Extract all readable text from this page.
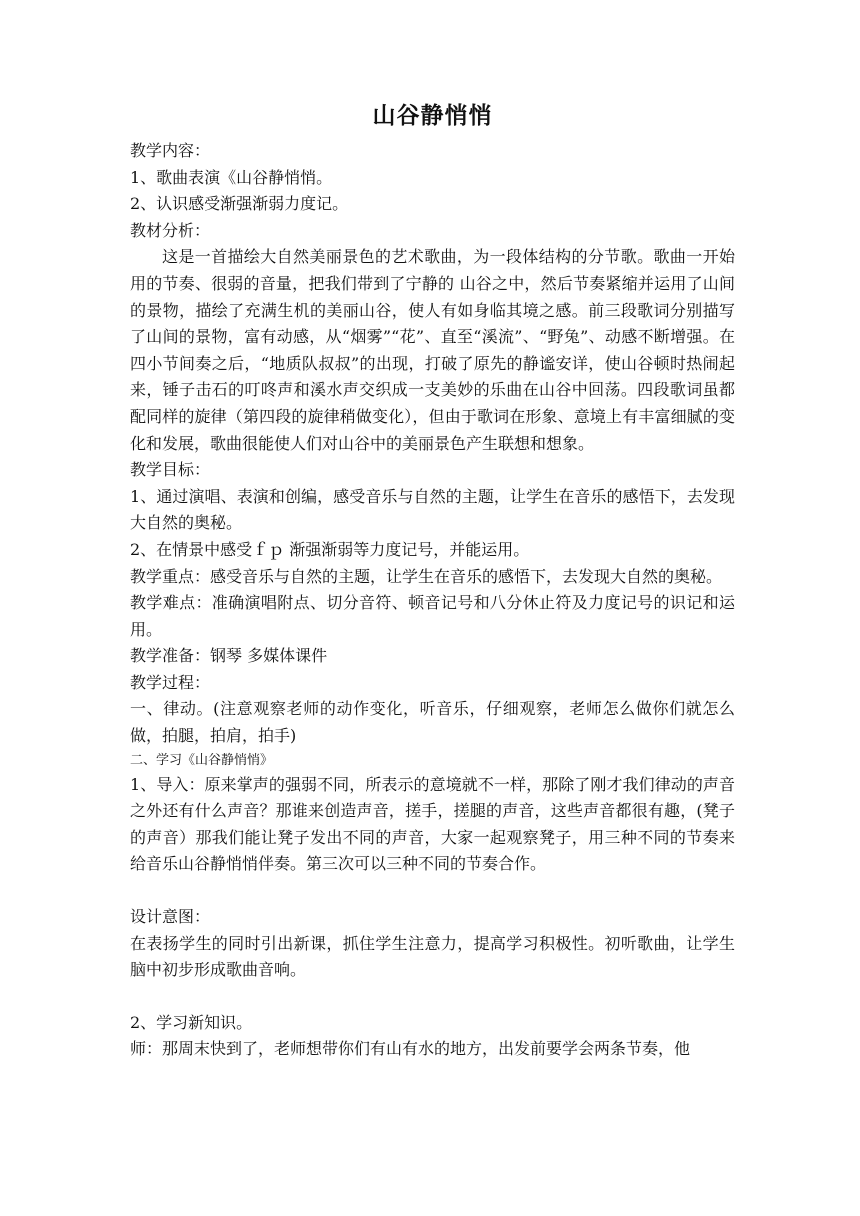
山谷静悄悄

教学内容：

1、歌曲表演《山谷静悄悄。

2、认识感受渐强渐弱力度记。

教材分析：

这是一首描绘大自然美丽景色的艺术歌曲，为一段体结构的分节歌。歌曲一开始用的节奏、很弱的音量，把我们带到了宁静的 山谷之中，然后节奏紧缩并运用了山间的景物，描绘了充满生机的美丽山谷，使人有如身临其境之感。前三段歌词分别描写了山间的景物，富有动感，从“烟雾”“花”、直至“溪流”、“野兔”、动感不断增强。在四小节间奏之后，“地质队叔叔”的出现，打破了原先的静谧安详，使山谷顿时热闹起来，锤子击石的叮咚声和溪水声交织成一支美妙的乐曲在山谷中回荡。四段歌词虽都配同样的旋律（第四段的旋律稍做变化），但由于歌词在形象、意境上有丰富细腻的变化和发展，歌曲很能使人们对山谷中的美丽景色产生联想和想象。

教学目标：

1、通过演唱、表演和创编，感受音乐与自然的主题，让学生在音乐的感悟下，去发现大自然的奥秘。

2、在情景中感受ｆｐ 渐强渐弱等力度记号，并能运用。

教学重点：感受音乐与自然的主题，让学生在音乐的感悟下，去发现大自然的奥秘。

教学难点：准确演唱附点、切分音符、顿音记号和八分休止符及力度记号的识记和运用。

教学准备：钢琴 多媒体课件

教学过程：

一、律动。(注意观察老师的动作变化，听音乐，仔细观察，老师怎么做你们就怎么做，拍腿，拍肩，拍手)

二、学习《山谷静悄悄》

1、导入：原来掌声的强弱不同，所表示的意境就不一样，那除了刚才我们律动的声音之外还有什么声音？那谁来创造声音，搓手，搓腿的声音，这些声音都很有趣，(凳子的声音）那我们能让凳子发出不同的声音，大家一起观察凳子，用三种不同的节奏来给音乐山谷静悄悄伴奏。第三次可以三种不同的节奏合作。

设计意图：

在表扬学生的同时引出新课，抓住学生注意力，提高学习积极性。初听歌曲，让学生脑中初步形成歌曲音响。

2、学习新知识。

师：那周末快到了，老师想带你们有山有水的地方，出发前要学会两条节奏，他
